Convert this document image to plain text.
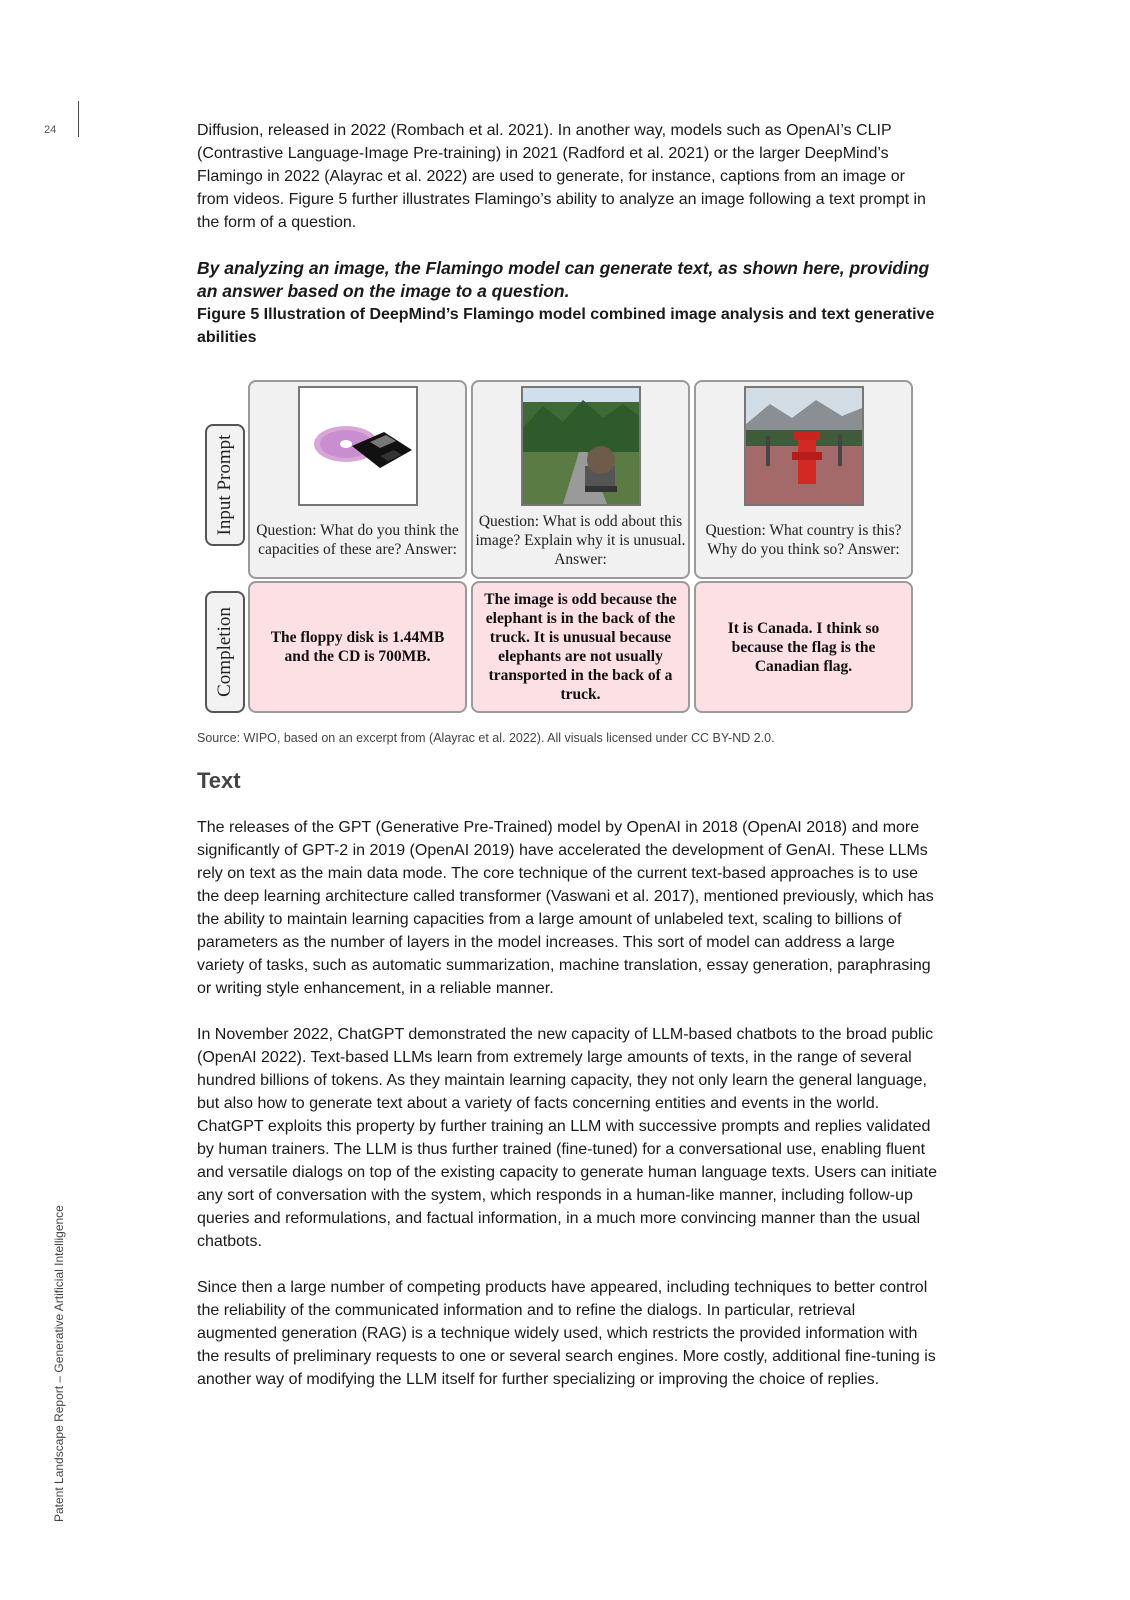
24
Patent Landscape Report – Generative Artificial Intelligence

Diffusion, released in 2022 (Rombach et al. 2021). In another way, models such as OpenAI’s CLIP (Contrastive Language-Image Pre-training) in 2021 (Radford et al. 2021) or the larger DeepMind’s Flamingo in 2022 (Alayrac et al. 2022) are used to generate, for instance, captions from an image or from videos. Figure 5 further illustrates Flamingo’s ability to analyze an image following a text prompt in the form of a question.

By analyzing an image, the Flamingo model can generate text, as shown here, providing an answer based on the image to a question.

Figure 5 Illustration of DeepMind’s Flamingo model combined image analysis and text generative abilities

Input Prompt
Completion
Question: What do you think the capacities of these are? Answer:
Question: What is odd about this image? Explain why it is unusual. Answer:
Question: What country is this? Why do you think so? Answer:
The floppy disk is 1.44MB and the CD is 700MB.
The image is odd because the elephant is in the back of the truck. It is unusual because elephants are not usually transported in the back of a truck.
It is Canada. I think so because the flag is the Canadian flag.

Source: WIPO, based on an excerpt from (Alayrac et al. 2022). All visuals licensed under CC BY-ND 2.0.

Text

The releases of the GPT (Generative Pre-Trained) model by OpenAI in 2018 (OpenAI 2018) and more significantly of GPT-2 in 2019 (OpenAI 2019) have accelerated the development of GenAI. These LLMs rely on text as the main data mode. The core technique of the current text-based approaches is to use the deep learning architecture called transformer (Vaswani et al. 2017), mentioned previously, which has the ability to maintain learning capacities from a large amount of unlabeled text, scaling to billions of parameters as the number of layers in the model increases. This sort of model can address a large variety of tasks, such as automatic summarization, machine translation, essay generation, paraphrasing or writing style enhancement, in a reliable manner.

In November 2022, ChatGPT demonstrated the new capacity of LLM-based chatbots to the broad public (OpenAI 2022). Text-based LLMs learn from extremely large amounts of texts, in the range of several hundred billions of tokens. As they maintain learning capacity, they not only learn the general language, but also how to generate text about a variety of facts concerning entities and events in the world. ChatGPT exploits this property by further training an LLM with successive prompts and replies validated by human trainers. The LLM is thus further trained (fine-tuned) for a conversational use, enabling fluent and versatile dialogs on top of the existing capacity to generate human language texts. Users can initiate any sort of conversation with the system, which responds in a human-like manner, including follow-up queries and reformulations, and factual information, in a much more convincing manner than the usual chatbots.

Since then a large number of competing products have appeared, including techniques to better control the reliability of the communicated information and to refine the dialogs. In particular, retrieval augmented generation (RAG) is a technique widely used, which restricts the provided information with the results of preliminary requests to one or several search engines. More costly, additional fine-tuning is another way of modifying the LLM itself for further specializing or improving the choice of replies.
